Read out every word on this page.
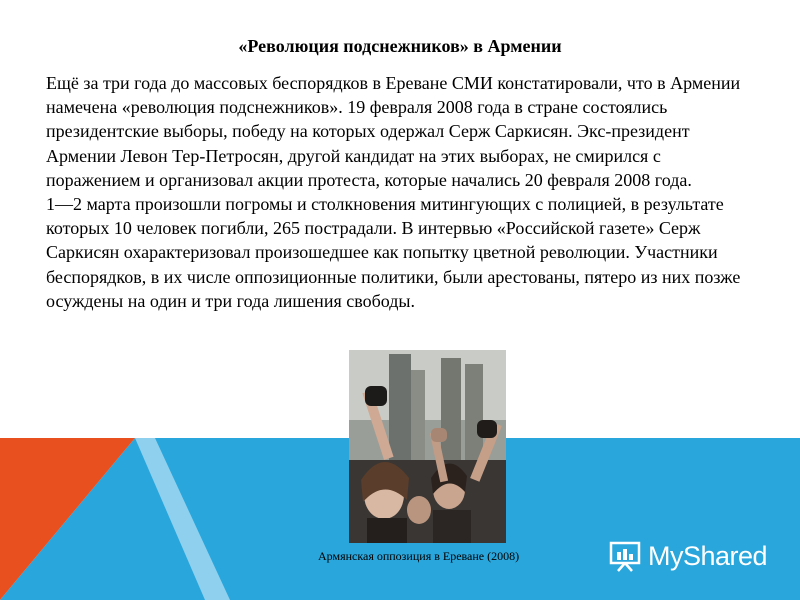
«Революция подснежников» в Армении

Ещё за три года до массовых беспорядков в Ереване СМИ констатировали, что в Армении намечена «революция подснежников». 19 февраля 2008 года в стране состоялись президентские выборы, победу на которых одержал Серж Саркисян. Экс-президент Армении Левон Тер-Петросян, другой кандидат на этих выборах, не смирился с поражением и организовал акции протеста, которые начались 20 февраля 2008 года.

1—2 марта произошли погромы и столкновения митингующих с полицией, в результате которых 10 человек погибли, 265 пострадали. В интервью «Российской газете» Серж Саркисян охарактеризовал произошедшее как попытку цветной революции. Участники беспорядков, в их числе оппозиционные политики, были арестованы, пятеро из них позже осуждены на один и три года лишения свободы.

Армянская оппозиция в Ереване (2008)	MyShared
